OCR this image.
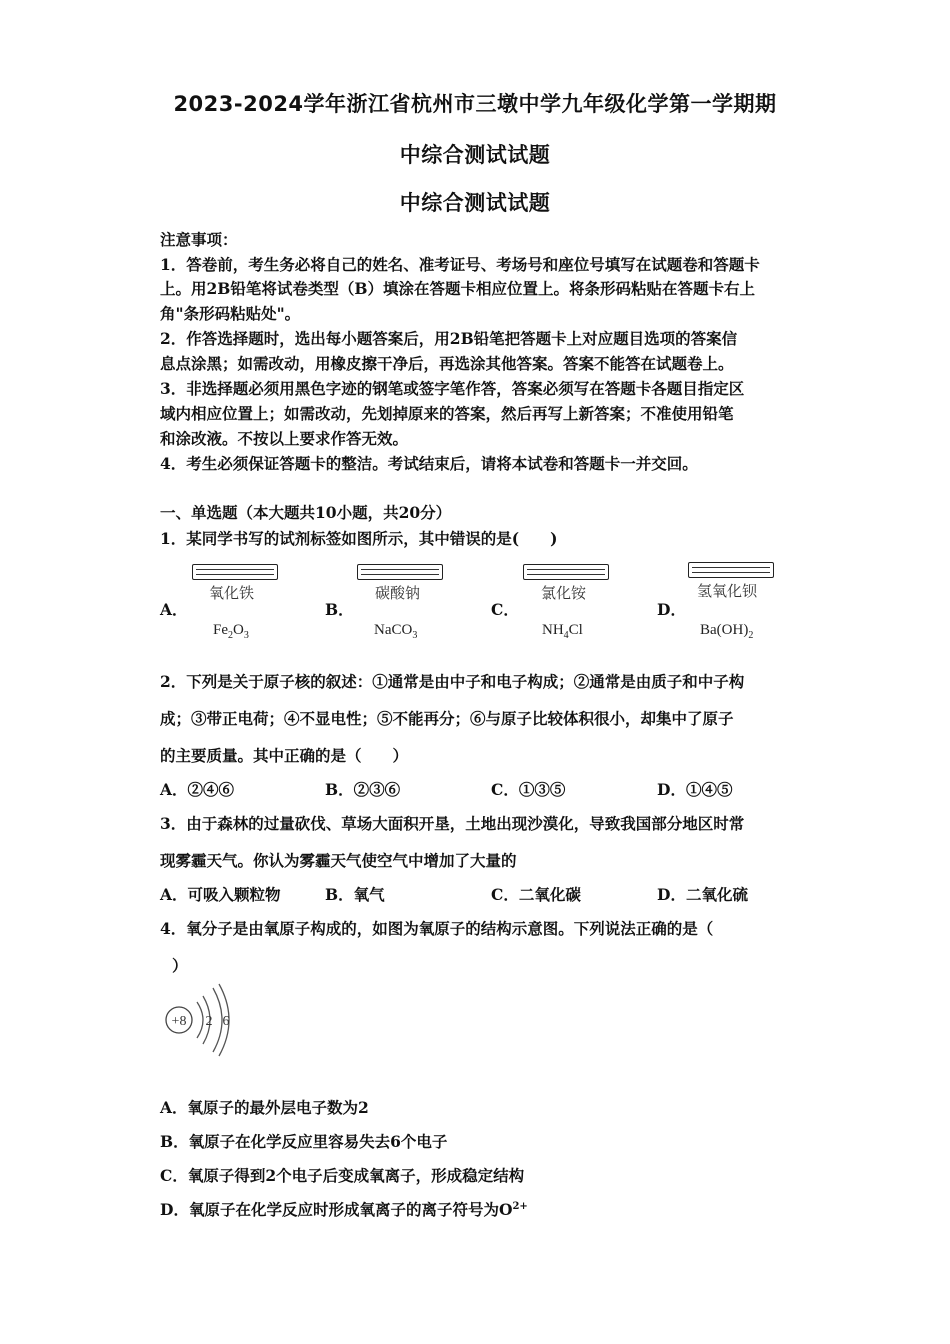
2023-2024学年浙江省杭州市三墩中学九年级化学第一学期期
中综合测试试题
中综合测试试题
注意事项：
1．答卷前，考生务必将自己的姓名、准考证号、考场号和座位号填写在试题卷和答题卡
上。用2B铅笔将试卷类型（B）填涂在答题卡相应位置上。将条形码粘贴在答题卡右上
角"条形码粘贴处"。
2．作答选择题时，选出每小题答案后，用2B铅笔把答题卡上对应题目选项的答案信
息点涂黑；如需改动，用橡皮擦干净后，再选涂其他答案。答案不能答在试题卷上。
3．非选择题必须用黑色字迹的钢笔或签字笔作答，答案必须写在答题卡各题目指定区
域内相应位置上；如需改动，先划掉原来的答案，然后再写上新答案；不准使用铅笔
和涂改液。不按以上要求作答无效。
4．考生必须保证答题卡的整洁。考试结束后，请将本试卷和答题卡一并交回。
一、单选题（本大题共10小题，共20分）
1．某同学书写的试剂标签如图所示，其中错误的是(　　)
A．
氧化铁
$Fe_2O_3$
B．
碳酸钠
NaCO$_3$
C．
氯化铵
$NH_4Cl$
D．
氢氧化钡
$Ba(OH)_2$
2．下列是关于原子核的叙述：①通常是由中子和电子构成；②通常是由质子和中子构
成；③带正电荷；④不显电性；⑤不能再分；⑥与原子比较体积很小，却集中了原子
的主要质量。其中正确的是（　　）
A．②④⑥	B．②③⑥	C．①③⑤	D．①④⑤
3．由于森林的过量砍伐、草场大面积开垦，土地出现沙漠化，导致我国部分地区时常
现雾霾天气。你认为雾霾天气使空气中增加了大量的
A．可吸入颗粒物	B．氧气	C．二氧化碳	D．二氧化硫
4．氧分子是由氧原子构成的，如图为氧原子的结构示意图。下列说法正确的是（
）
+8 2 6
A．氧原子的最外层电子数为2
B．氧原子在化学反应里容易失去6个电子
C．氧原子得到2个电子后变成氧离子，形成稳定结构
D．氧原子在化学反应时形成氧离子的离子符号为$O^{2+}$
